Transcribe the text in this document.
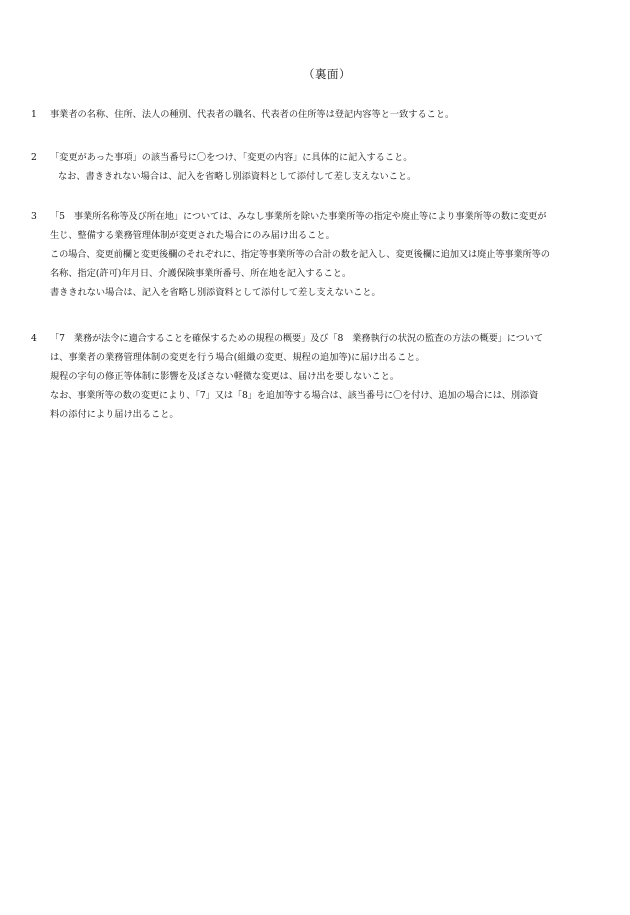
（裏面）
1 事業者の名称、住所、法人の種別、代表者の職名、代表者の住所等は登記内容等と一致すること。

2 「変更があった事項」の該当番号に〇をつけ、「変更の内容」に具体的に記入すること。

なお、書ききれない場合は、記入を省略し別添資料として添付して差し支えないこと。

3 「5　事業所名称等及び所在地」については、みなし事業所を除いた事業所等の指定や廃止等により事業所等の数に変更が

生じ、整備する業務管理体制が変更された場合にのみ届け出ること。

この場合、変更前欄と変更後欄のそれぞれに、指定等事業所等の合計の数を記入し、変更後欄に追加又は廃止等事業所等の

名称、指定(許可)年月日、介護保険事業所番号、所在地を記入すること。

書ききれない場合は、記入を省略し別添資料として添付して差し支えないこと。

4 「7　業務が法令に適合することを確保するための規程の概要」及び「8　業務執行の状況の監査の方法の概要」について

は、事業者の業務管理体制の変更を行う場合(組織の変更、規程の追加等)に届け出ること。

規程の字句の修正等体制に影響を及ぼさない軽微な変更は、届け出を要しないこと。

なお、事業所等の数の変更により、「7」又は「8」を追加等する場合は、該当番号に〇を付け、追加の場合には、別添資

料の添付により届け出ること。
